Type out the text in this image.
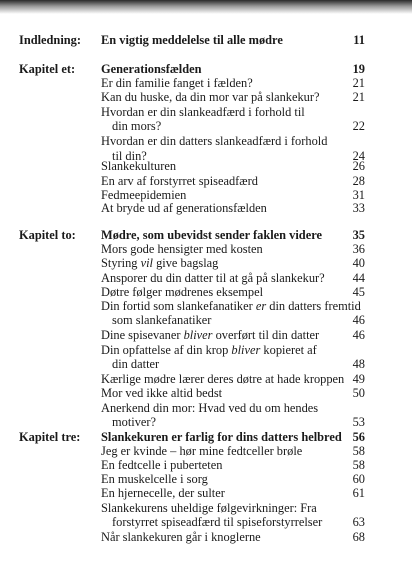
Indledning: En vigtig meddelelse til alle mødre	11
Kapitel et: Generationsfælden	19
Er din familie fanget i fælden?	21
Kan du huske, da din mor var på slankekur?	21
Hvordan er din slankeadfærd i forhold til
din mors?	22
Hvordan er din datters slankeadfærd i forhold
til din?	24
Slankekulturen	26
En arv af forstyrret spiseadfærd	28
Fedmeepidemien	31
At bryde ud af generationsfælden	33
Kapitel to: Mødre, som ubevidst sender faklen videre 35
Mors gode hensigter med kosten	36
Styring vil give bagslag	40
Ansporer du din datter til at gå på slankekur? 44
Døtre følger mødrenes eksempel	45
Din fortid som slankefanatiker er din datters fremtid
som slankefanatiker	46
Dine spisevaner bliver overført til din datter	46
Din opfattelse af din krop bliver kopieret af
din datter	48
Kærlige mødre lærer deres døtre at hade kroppen 49
Mor ved ikke altid bedst	50
Anerkend din mor: Hvad ved du om hendes
motiver?	53
Kapitel tre: Slankekuren er farlig for dins datters helbred 56
Jeg er kvinde – hør mine fedtceller brøle	58
En fedtcelle i puberteten	58
En muskelcelle i sorg	60
En hjernecelle, der sulter	61
Slankekurens uheldige følgevirkninger: Fra
forstyrret spiseadfærd til spiseforstyrrelser 63
Når slankekuren går i knoglerne	68
